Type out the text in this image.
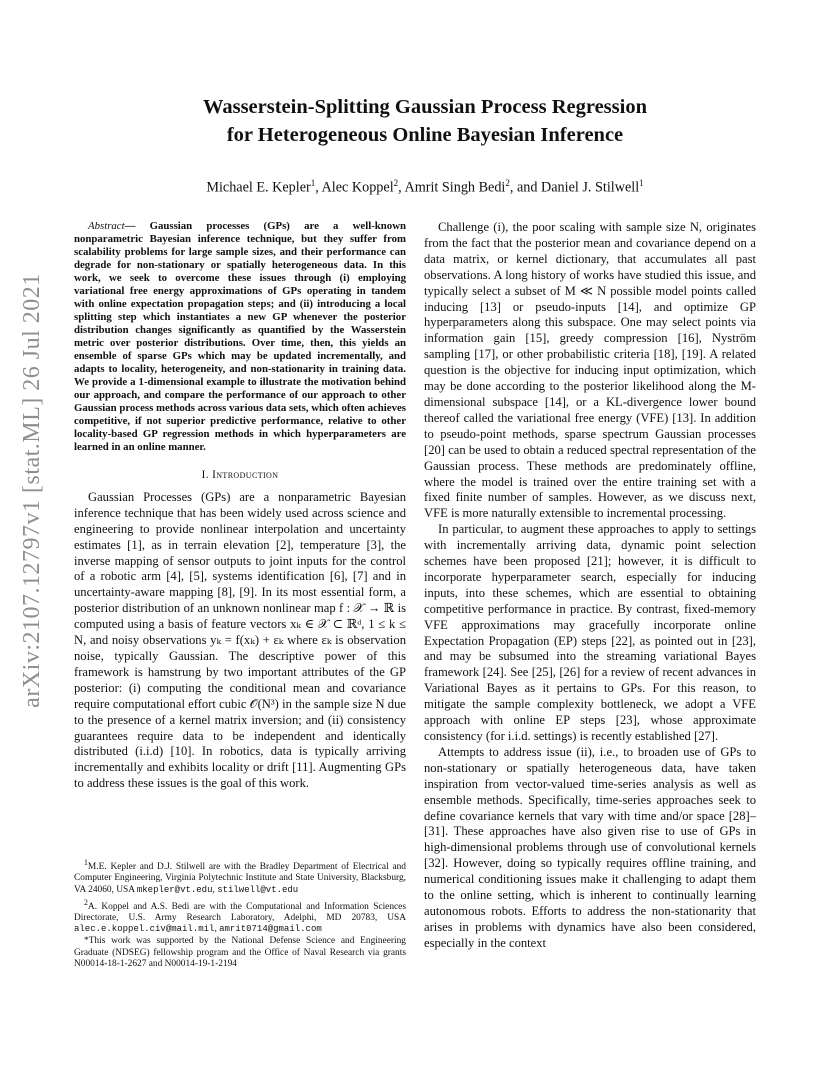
arXiv:2107.12797v1 [stat.ML] 26 Jul 2021
Wasserstein-Splitting Gaussian Process Regression
for Heterogeneous Online Bayesian Inference
Michael E. Kepler$^1$, Alec Koppel$^2$, Amrit Singh Bedi$^2$, and Daniel J. Stilwell$^1$

Abstract— Gaussian processes (GPs) are a well-known nonparametric Bayesian inference technique, but they suffer from scalability problems for large sample sizes, and their performance can degrade for non-stationary or spatially heterogeneous data. In this work, we seek to overcome these issues through (i) employing variational free energy approximations of GPs operating in tandem with online expectation propagation steps; and (ii) introducing a local splitting step which instantiates a new GP whenever the posterior distribution changes significantly as quantified by the Wasserstein metric over posterior distributions. Over time, then, this yields an ensemble of sparse GPs which may be updated incrementally, and adapts to locality, heterogeneity, and non-stationarity in training data. We provide a 1-dimensional example to illustrate the motivation behind our approach, and compare the performance of our approach to other Gaussian process methods across various data sets, which often achieves competitive, if not superior predictive performance, relative to other locality-based GP regression methods in which hyperparameters are learned in an online manner.

I. Introduction

Gaussian Processes (GPs) are a nonparametric Bayesian inference technique that has been widely used across science and engineering to provide nonlinear interpolation and uncertainty estimates [1], as in terrain elevation [2], temperature [3], the inverse mapping of sensor outputs to joint inputs for the control of a robotic arm [4], [5], systems identification [6], [7] and in uncertainty-aware mapping [8], [9]. In its most essential form, a posterior distribution of an unknown nonlinear map f : 𝒳 → ℝ is computed using a basis of feature vectors xₖ ∈ 𝒳 ⊂ ℝᵈ, 1 ≤ k ≤ N, and noisy observations yₖ = f(xₖ) + εₖ where εₖ is observation noise, typically Gaussian. The descriptive power of this framework is hamstrung by two important attributes of the GP posterior: (i) computing the conditional mean and covariance require computational effort cubic 𝒪(N³) in the sample size N due to the presence of a kernel matrix inversion; and (ii) consistency guarantees require data to be independent and identically distributed (i.i.d) [10]. In robotics, data is typically arriving incrementally and exhibits locality or drift [11]. Augmenting GPs to address these issues is the goal of this work.

$^1$M.E. Kepler and D.J. Stilwell are with the Bradley Department of Electrical and Computer Engineering, Virginia Polytechnic Institute and State University, Blacksburg, VA 24060, USA mkepler@vt.edu, stilwell@vt.edu

$^2$A. Koppel and A.S. Bedi are with the Computational and Information Sciences Directorate, U.S. Army Research Laboratory, Adelphi, MD 20783, USA alec.e.koppel.civ@mail.mil, amrit0714@gmail.com

*This work was supported by the National Defense Science and Engineering Graduate (NDSEG) fellowship program and the Office of Naval Research via grants N00014-18-1-2627 and N00014-19-1-2194

Challenge (i), the poor scaling with sample size N, originates from the fact that the posterior mean and covariance depend on a data matrix, or kernel dictionary, that accumulates all past observations. A long history of works have studied this issue, and typically select a subset of M ≪ N possible model points called inducing [13] or pseudo-inputs [14], and optimize GP hyperparameters along this subspace. One may select points via information gain [15], greedy compression [16], Nyström sampling [17], or other probabilistic criteria [18], [19]. A related question is the objective for inducing input optimization, which may be done according to the posterior likelihood along the M-dimensional subspace [14], or a KL-divergence lower bound thereof called the variational free energy (VFE) [13]. In addition to pseudo-point methods, sparse spectrum Gaussian processes [20] can be used to obtain a reduced spectral representation of the Gaussian process. These methods are predominately offline, where the model is trained over the entire training set with a fixed finite number of samples. However, as we discuss next, VFE is more naturally extensible to incremental processing.

In particular, to augment these approaches to apply to settings with incrementally arriving data, dynamic point selection schemes have been proposed [21]; however, it is difficult to incorporate hyperparameter search, especially for inducing inputs, into these schemes, which are essential to obtaining competitive performance in practice. By contrast, fixed-memory VFE approximations may gracefully incorporate online Expectation Propagation (EP) steps [22], as pointed out in [23], and may be subsumed into the streaming variational Bayes framework [24]. See [25], [26] for a review of recent advances in Variational Bayes as it pertains to GPs. For this reason, to mitigate the sample complexity bottleneck, we adopt a VFE approach with online EP steps [23], whose approximate consistency (for i.i.d. settings) is recently established [27].

Attempts to address issue (ii), i.e., to broaden use of GPs to non-stationary or spatially heterogeneous data, have taken inspiration from vector-valued time-series analysis as well as ensemble methods. Specifically, time-series approaches seek to define covariance kernels that vary with time and/or space [28]–[31]. These approaches have also given rise to use of GPs in high-dimensional problems through use of convolutional kernels [32]. However, doing so typically requires offline training, and numerical conditioning issues make it challenging to adapt them to the online setting, which is inherent to continually learning autonomous robots. Efforts to address the non-stationarity that arises in problems with dynamics have also been considered, especially in the context
